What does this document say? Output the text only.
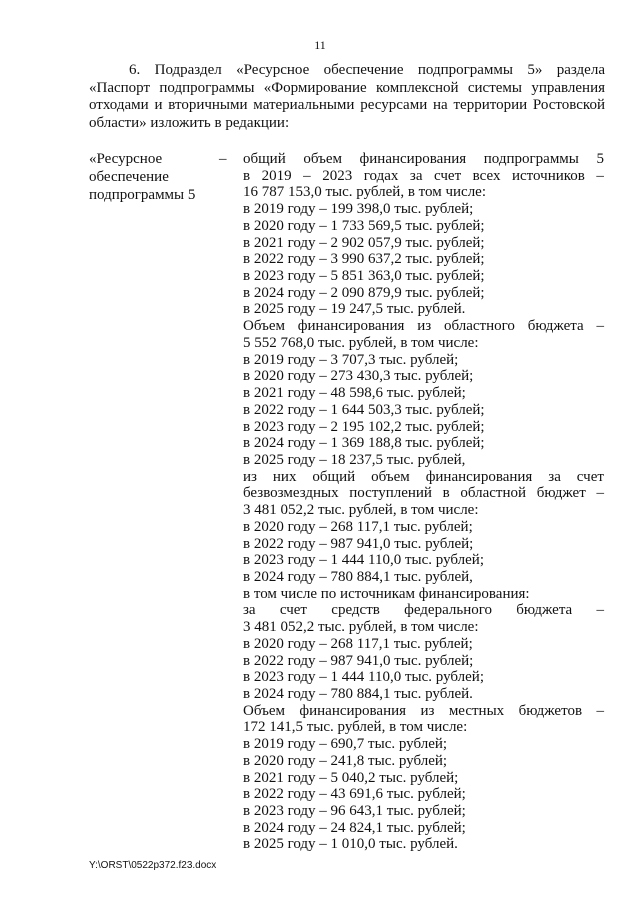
11

6. Подраздел «Ресурсное обеспечение подпрограммы 5» раздела «Паспорт подпрограммы «Формирование комплексной системы управления отходами и вторичными материальными ресурсами на территории Ростовской области» изложить в редакции:

«Ресурсное
обеспечение
подпрограммы 5
– общий объем финансирования подпрограммы 5
в 2019 – 2023 годах за счет всех источников –
16 787 153,0 тыс. рублей, в том числе:
в 2019 году – 199 398,0 тыс. рублей;
в 2020 году – 1 733 569,5 тыс. рублей;
в 2021 году – 2 902 057,9 тыс. рублей;
в 2022 году – 3 990 637,2 тыс. рублей;
в 2023 году – 5 851 363,0 тыс. рублей;
в 2024 году – 2 090 879,9 тыс. рублей;
в 2025 году – 19 247,5 тыс. рублей.
Объем финансирования из областного бюджета –
5 552 768,0 тыс. рублей, в том числе:
в 2019 году – 3 707,3 тыс. рублей;
в 2020 году – 273 430,3 тыс. рублей;
в 2021 году – 48 598,6 тыс. рублей;
в 2022 году – 1 644 503,3 тыс. рублей;
в 2023 году – 2 195 102,2 тыс. рублей;
в 2024 году – 1 369 188,8 тыс. рублей;
в 2025 году – 18 237,5 тыс. рублей,
из них общий объем финансирования за счет
безвозмездных поступлений в областной бюджет –
3 481 052,2 тыс. рублей, в том числе:
в 2020 году – 268 117,1 тыс. рублей;
в 2022 году – 987 941,0 тыс. рублей;
в 2023 году – 1 444 110,0 тыс. рублей;
в 2024 году – 780 884,1 тыс. рублей,
в том числе по источникам финансирования:
за счет средств федерального бюджета –
3 481 052,2 тыс. рублей, в том числе:
в 2020 году – 268 117,1 тыс. рублей;
в 2022 году – 987 941,0 тыс. рублей;
в 2023 году – 1 444 110,0 тыс. рублей;
в 2024 году – 780 884,1 тыс. рублей.
Объем финансирования из местных бюджетов –
172 141,5 тыс. рублей, в том числе:
в 2019 году – 690,7 тыс. рублей;
в 2020 году – 241,8 тыс. рублей;
в 2021 году – 5 040,2 тыс. рублей;
в 2022 году – 43 691,6 тыс. рублей;
в 2023 году – 96 643,1 тыс. рублей;
в 2024 году – 24 824,1 тыс. рублей;
в 2025 году – 1 010,0 тыс. рублей.
Y:\ORST\0522p372.f23.docx
